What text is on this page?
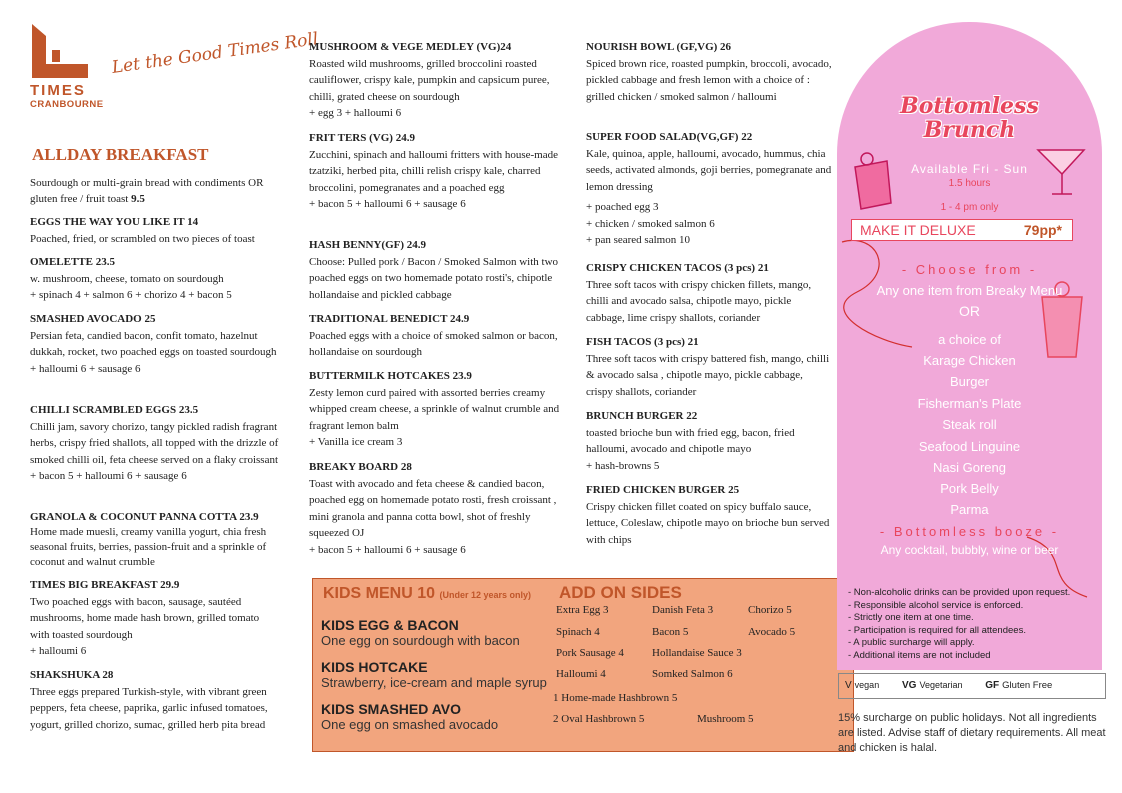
TIMES
CRANBOURNE
Let the Good Times Roll
ALLDAY BREAKFAST
Sourdough or multi-grain bread with condiments OR gluten free / fruit toast 9.5
EGGS THE WAY YOU LIKE IT 14
Poached, fried, or scrambled on two pieces of toast
OMELETTE 23.5
w. mushroom, cheese, tomato on sourdough
+ spinach 4 + salmon 6 + chorizo 4 + bacon 5
SMASHED AVOCADO 25
Persian feta, candied bacon, confit tomato, hazelnut dukkah, rocket, two poached eggs on toasted sourdough
+ halloumi 6 + sausage 6
CHILLI SCRAMBLED EGGS 23.5
Chilli jam, savory chorizo, tangy pickled radish fragrant herbs, crispy fried shallots, all topped with the drizzle of smoked chilli oil, feta cheese served on a flaky croissant
+ bacon 5 + halloumi 6 + sausage 6
GRANOLA & COCONUT PANNA COTTA 23.9
Home made muesli, creamy vanilla yogurt, chia fresh seasonal fruits, berries, passion-fruit and a sprinkle of coconut and walnut crumble
TIMES BIG BREAKFAST 29.9
Two poached eggs with bacon, sausage, sautéed mushrooms, home made hash brown, grilled tomato with toasted sourdough
+ halloumi 6
SHAKSHUKA 28
Three eggs prepared Turkish-style, with vibrant green peppers, feta cheese, paprika, garlic infused tomatoes, yogurt, grilled chorizo, sumac, grilled herb pita bread
MUSHROOM & VEGE MEDLEY (VG)24
Roasted wild mushrooms, grilled broccolini roasted cauliflower, crispy kale, pumpkin and capsicum puree, chilli, grated cheese on sourdough
+ egg 3 + halloumi 6
FRIT TERS (VG) 24.9
Zucchini, spinach and halloumi fritters with house-made tzatziki, herbed pita, chilli relish crispy kale, charred broccolini, pomegranates and a poached egg
+ bacon 5 + halloumi 6 + sausage 6
HASH BENNY(GF) 24.9
Choose: Pulled pork / Bacon / Smoked Salmon with two poached eggs on two homemade potato rosti's, chipotle hollandaise and pickled cabbage
TRADITIONAL BENEDICT 24.9
Poached eggs with a choice of smoked salmon or bacon, hollandaise on sourdough
BUTTERMILK HOTCAKES 23.9
Zesty lemon curd paired with assorted berries creamy whipped cream cheese, a sprinkle of walnut crumble and fragrant lemon balm
+ Vanilla ice cream 3
BREAKY BOARD 28
Toast with avocado and feta cheese & candied bacon, poached egg on homemade potato rosti, fresh croissant , mini granola and panna cotta bowl, shot of freshly squeezed OJ
+ bacon 5 + halloumi 6 + sausage 6
NOURISH BOWL (GF,VG) 26
Spiced brown rice, roasted pumpkin, broccoli, avocado, pickled cabbage and fresh lemon with a choice of : grilled chicken / smoked salmon / halloumi
SUPER FOOD SALAD(VG,GF) 22
Kale, quinoa, apple, halloumi, avocado, hummus, chia seeds, activated almonds, goji berries, pomegranate and lemon dressing
+ poached egg 3
+ chicken / smoked salmon 6
+ pan seared salmon 10
CRISPY CHICKEN TACOS (3 pcs) 21
Three soft tacos with crispy chicken fillets, mango, chilli and avocado salsa, chipotle mayo, pickle cabbage, lime crispy shallots, coriander
FISH TACOS (3 pcs) 21
Three soft tacos with crispy battered fish, mango, chilli & avocado salsa , chipotle mayo, pickle cabbage, crispy shallots, coriander
BRUNCH BURGER 22
toasted brioche bun with fried egg, bacon, fried halloumi, avocado and chipotle mayo
+ hash-browns 5
FRIED CHICKEN BURGER 25
Crispy chicken fillet coated on spicy buffalo sauce, lettuce, Coleslaw, chipotle mayo on brioche bun served with chips
KIDS MENU 10 (Under 12 years only)
KIDS EGG & BACON
One egg on sourdough with bacon
KIDS HOTCAKE
Strawberry, ice-cream and maple syrup
KIDS SMASHED AVO
One egg on smashed avocado
ADD ON SIDES
Extra Egg 3	Danish Feta 3	Chorizo 5
Spinach 4	Bacon 5	Avocado 5
Pork Sausage 4	Hollandaise Sauce 3
Halloumi 4	Somked Salmon 6
1 Home-made Hashbrown 5
2 Oval Hashbrown 5	Mushroom 5
Bottomless
Brunch
Available Fri - Sun
1.5 hours
1 - 4 pm only
MAKE IT DELUXE	79pp*
- Choose from -
Any one item from Breaky Menu
OR
a choice of
Karage Chicken
Burger
Fisherman's Plate
Steak roll
Seafood Linguine
Nasi Goreng
Pork Belly
Parma
- Bottomless booze -
Any cocktail, bubbly, wine or beer
- Non-alcoholic drinks can be provided upon request.
- Responsible alcohol service is enforced.
- Strictly one item at one time.
- Participation is required for all attendees.
- A public surcharge will apply.
- Additional items are not included
V vegan VG Vegetarian GF Gluten Free
15% surcharge on public holidays. Not all ingredients are listed. Advise staff of dietary requirements. All meat and chicken is halal.
